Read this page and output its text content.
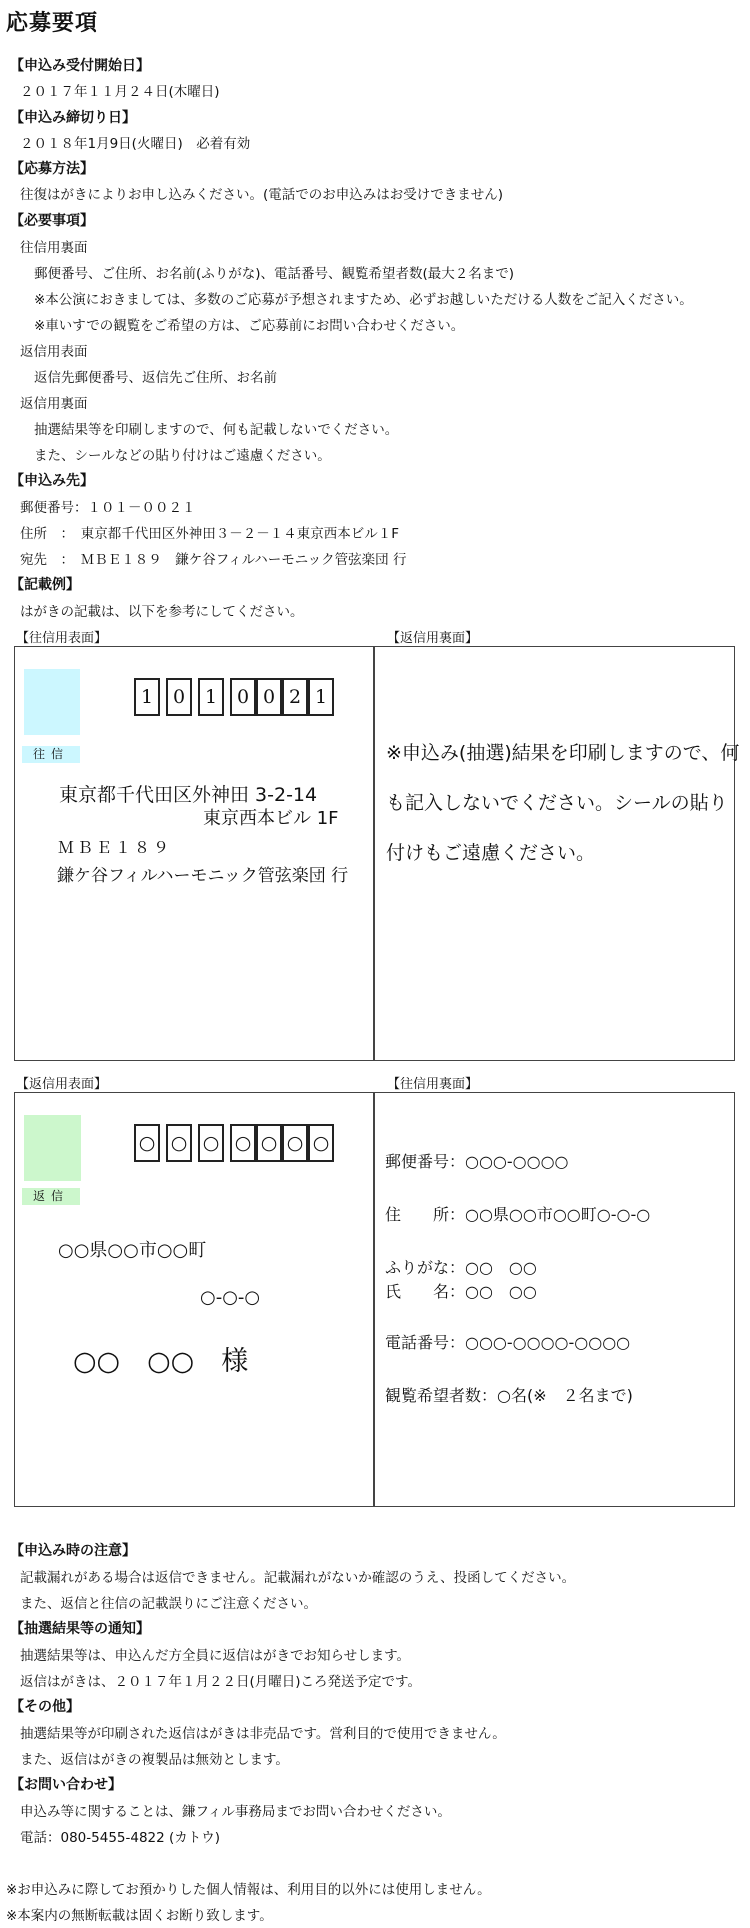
応募要項
【申込み受付開始日】
２０１７年１１月２４日(木曜日)
【申込み締切り日】
２０１８年1月9日(火曜日)　必着有効
【応募方法】
往復はがきによりお申し込みください。(電話でのお申込みはお受けできません)
【必要事項】
往信用裏面
郵便番号、ご住所、お名前(ふりがな)、電話番号、観覧希望者数(最大２名まで)
※本公演におきましては、多数のご応募が予想されますため、必ずお越しいただける人数をご記入ください。
※車いすでの観覧をご希望の方は、ご応募前にお問い合わせください。
返信用表面
返信先郵便番号、返信先ご住所、お名前
返信用裏面
抽選結果等を印刷しますので、何も記載しないでください。
また、シールなどの貼り付けはご遠慮ください。
【申込み先】
郵便番号：１０１－００２１
住所　：　東京都千代田区外神田３－２－１４東京西本ビル１F
宛先　：　ＭＢＥ１８９　鎌ケ谷フィルハーモニック管弦楽団 行
【記載例】
はがきの記載は、以下を参考にしてください。
【往信用表面】	【返信用裏面】
1	0	1	0 0 2 1
往信
東京都千代田区外神田 3-2-14
東京西本ビル 1F
ＭＢＥ１８９
鎌ケ谷フィルハーモニック管弦楽団 行
※申込み(抽選)結果を印刷しますので、何も記入しないでください。シールの貼り付けもご遠慮ください。
【返信用表面】	【往信用裏面】
○ ○ ○ ○ ○ ○ ○
返信
○○県○○市○○町
○-○-○
○○　○○　様
郵便番号：○○○-○○○○
住　　所：○○県○○市○○町○-○-○
ふりがな：○○　○○
氏　　名：○○　○○
電話番号：○○○-○○○○-○○○○
観覧希望者数：○名(※　２名まで)
【申込み時の注意】
記載漏れがある場合は返信できません。記載漏れがないか確認のうえ、投函してください。
また、返信と往信の記載誤りにご注意ください。
【抽選結果等の通知】
抽選結果等は、申込んだ方全員に返信はがきでお知らせします。
返信はがきは、２０１７年１月２２日(月曜日)ころ発送予定です。
【その他】
抽選結果等が印刷された返信はがきは非売品です。営利目的で使用できません。
また、返信はがきの複製品は無効とします。
【お問い合わせ】
申込み等に関することは、鎌フィル事務局までお問い合わせください。
電話：080-5455-4822 (カトウ)
※お申込みに際してお預かりした個人情報は、利用目的以外には使用しません。
※本案内の無断転載は固くお断り致します。
